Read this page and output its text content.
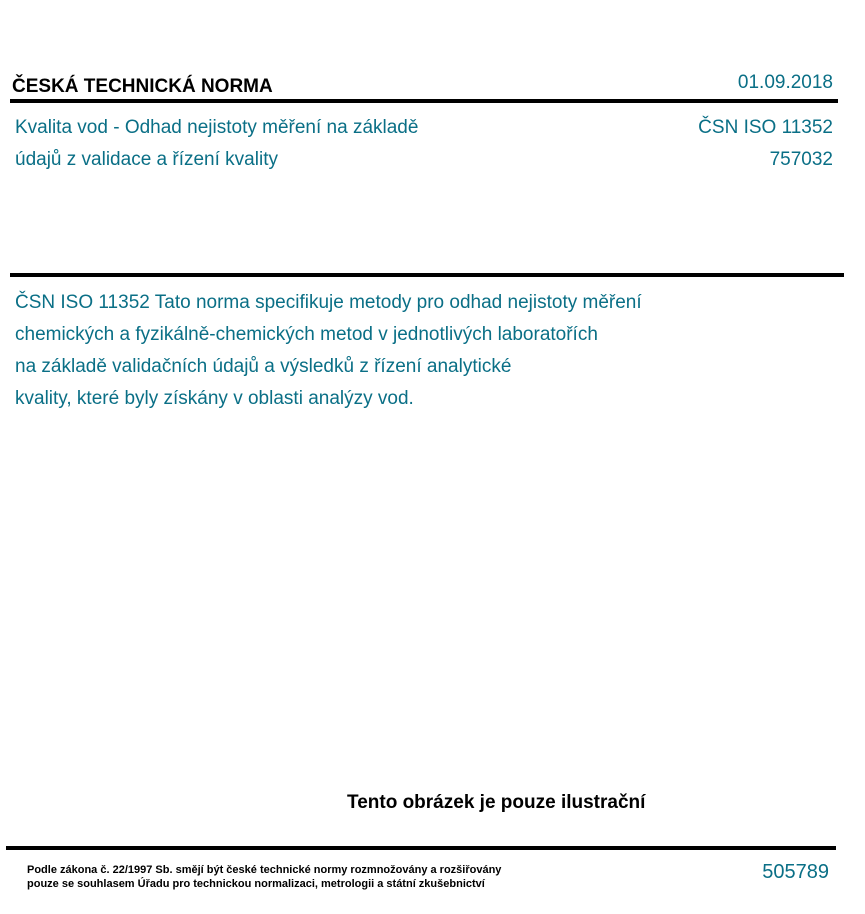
ČESKÁ TECHNICKÁ NORMA	01.09.2018
Kvalita vod - Odhad nejistoty měření na základě
údajů z validace a řízení kvality
ČSN ISO 11352
757032
ČSN ISO 11352 Tato norma specifikuje metody pro odhad nejistoty měření
chemických a fyzikálně-chemických metod v jednotlivých laboratořích
na základě validačních údajů a výsledků z řízení analytické
kvality, které byly získány v oblasti analýzy vod.
Tento obrázek je pouze ilustrační
Podle zákona č. 22/1997 Sb. smějí být české technické normy rozmnožovány a rozšiřovány
pouze se souhlasem Úřadu pro technickou normalizaci, metrologii a státní zkušebnictví
505789
